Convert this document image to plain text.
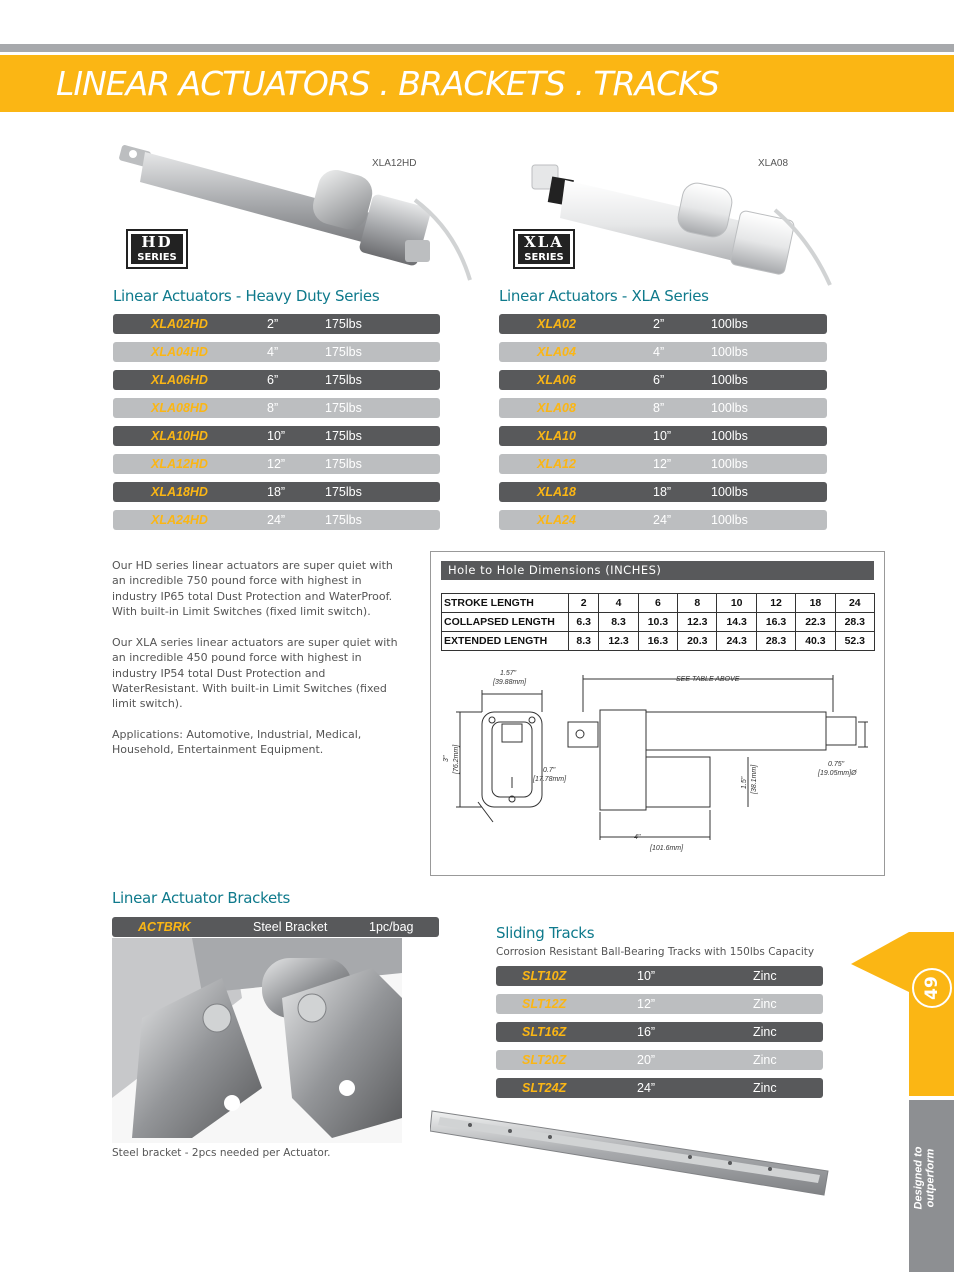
LINEAR ACTUATORS . BRACKETS . TRACKS
XLA12HD	XLA08
HD
SERIES
XLA
SERIES
Linear Actuators - Heavy Duty Series	Linear Actuators - XLA Series
XLA02HD	2”	175lbs
XLA04HD	4”	175lbs
XLA06HD	6”	175lbs
XLA08HD	8”	175lbs
XLA10HD	10”	175lbs
XLA12HD	12”	175lbs
XLA18HD	18”	175lbs
XLA24HD	24”	175lbs
XLA02	2”	100lbs
XLA04	4”	100lbs
XLA06	6”	100lbs
XLA08	8”	100lbs
XLA10	10”	100lbs
XLA12	12”	100lbs
XLA18	18”	100lbs
XLA24	24”	100lbs
Our HD series linear actuators are super quiet with an incredible 750 pound force with highest in industry IP65 total Dust Protection and WaterProof. With built-in Limit Switches (fixed limit switch).
Our XLA series linear actuators are super quiet with an incredible 450 pound force with highest in industry IP54 total Dust Protection and WaterResistant. With built-in Limit Switches (fixed limit switch).
Applications: Automotive, Industrial, Medical, Household, Entertainment Equipment.
Hole to Hole Dimensions (INCHES)
STROKE LENGTH	2	4	6	8	10	12	18	24
COLLAPSED LENGTH	6.3	8.3	10.3	12.3	14.3	16.3	22.3	28.3
EXTENDED LENGTH	8.3	12.3	16.3	20.3	24.3	28.3	40.3	52.3
1.57"
[39.88mm]
3" [76.2mm]	0.7"
[17.78mm]
SEE TABLE ABOVE
0.75"
[19.05mm]Ø
1.5" [38.1mm]
4"
[101.6mm]
Linear Actuator Brackets
ACTBRK	Steel Bracket	1pc/bag
Steel bracket - 2pcs needed per Actuator.
Sliding Tracks
Corrosion Resistant Ball-Bearing Tracks with 150lbs Capacity
SLT10Z	10”	Zinc
SLT12Z	12”	Zinc
SLT16Z	16”	Zinc
SLT20Z	20”	Zinc
SLT24Z	24”	Zinc
49
Designed to outperform
